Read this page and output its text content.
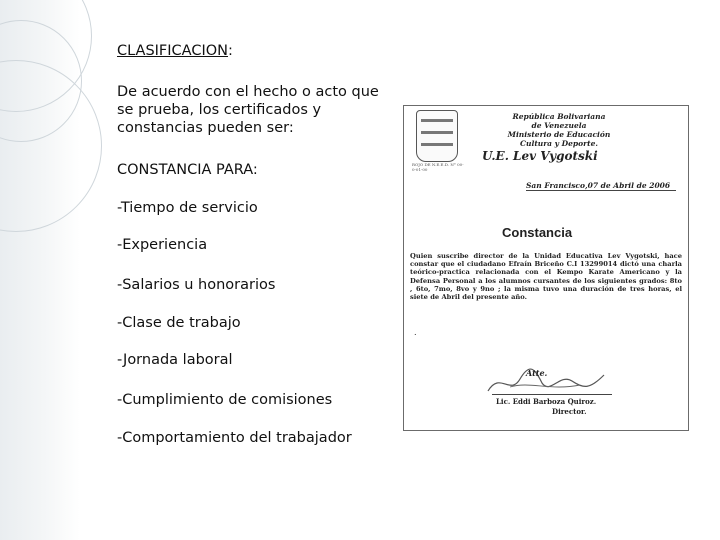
CLASIFICACION:
De acuerdo con el hecho o acto que se prueba, los certificados y constancias pueden ser:
CONSTANCIA PARA:
-Tiempo de servicio
-Experiencia
-Salarios u honorarios
-Clase de trabajo
-Jornada laboral
-Cumplimiento de comisiones
-Comportamiento del trabajador
ROJO DE N.E.E.D. N° 00-0-01-00
República Bolivariana
de Venezuela
Ministerio de Educación
Cultura y Deporte.
U.E. Lev Vygotski
San Francisco,07 de Abril de 2006
Constancia
Quien suscribe director de la Unidad Educativa Lev Vygotski, hace constar que el ciudadano Efraín Briceño C.I 13299014 dictó una charla teórico-practica relacionada con el Kempo Karate Americano y la Defensa Personal a los alumnos cursantes de los siguientes grados: 8to , 6to, 7mo, 8vo y 9no ; la misma tuvo una duración de tres horas, el siete de Abril del presente año.
.
Atte.
Lic. Eddi Barboza Quiroz.
Director.
